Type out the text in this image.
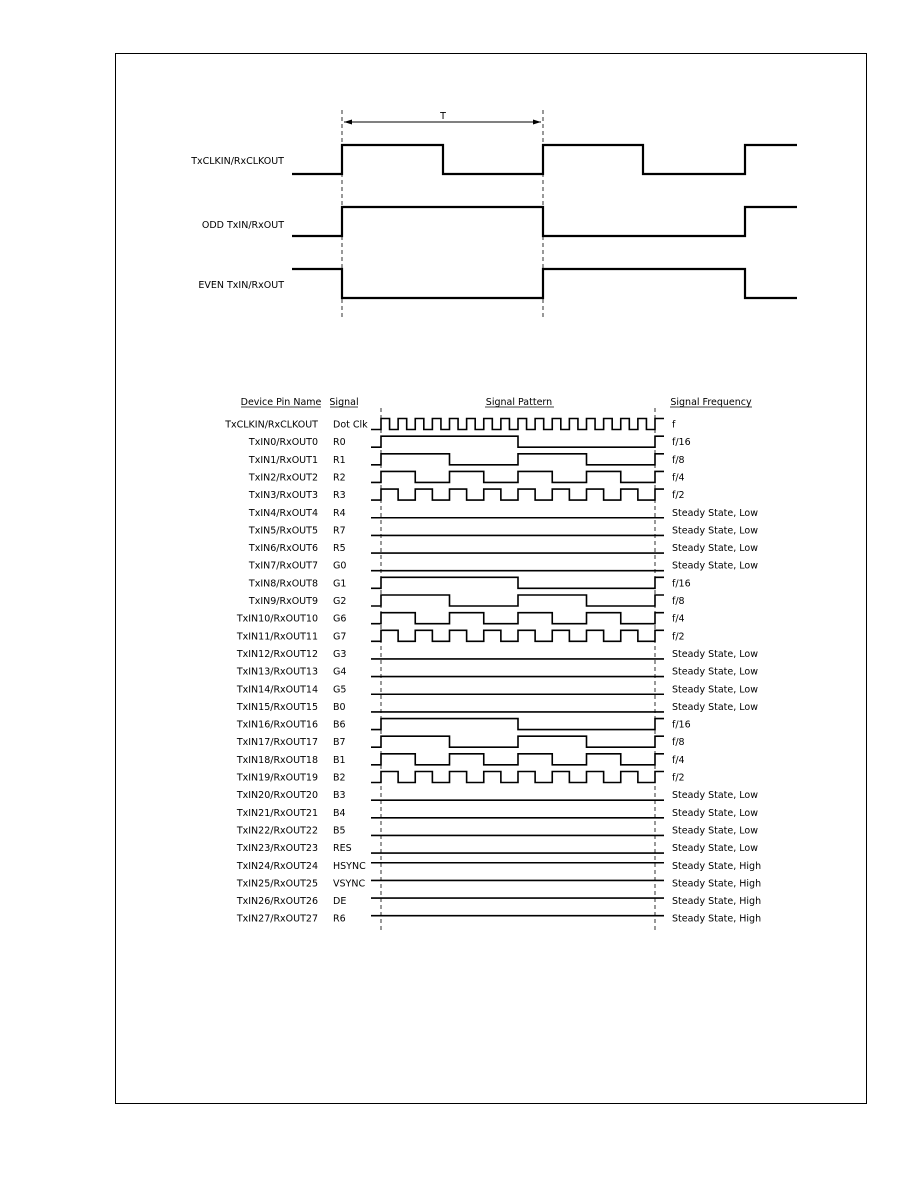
T
TxCLKIN/RxCLKOUT
ODD TxIN/RxOUT
EVEN TxIN/RxOUT
Device Pin Name Signal	Signal Pattern	Signal Frequency
TxCLKIN/RxCLKOUT Dot Clk	f
TxIN0/RxOUT0 R0	f/16
TxIN1/RxOUT1 R1	f/8
TxIN2/RxOUT2 R2	f/4
TxIN3/RxOUT3 R3	f/2
TxIN4/RxOUT4 R4	Steady State, Low
TxIN5/RxOUT5 R7	Steady State, Low
TxIN6/RxOUT6 R5	Steady State, Low
TxIN7/RxOUT7 G0	Steady State, Low
TxIN8/RxOUT8 G1	f/16
TxIN9/RxOUT9 G2	f/8
TxIN10/RxOUT10 G6	f/4
TxIN11/RxOUT11 G7	f/2
TxIN12/RxOUT12 G3	Steady State, Low
TxIN13/RxOUT13 G4	Steady State, Low
TxIN14/RxOUT14 G5	Steady State, Low
TxIN15/RxOUT15 B0	Steady State, Low
TxIN16/RxOUT16 B6	f/16
TxIN17/RxOUT17 B7	f/8
TxIN18/RxOUT18 B1	f/4
TxIN19/RxOUT19 B2	f/2
TxIN20/RxOUT20 B3	Steady State, Low
TxIN21/RxOUT21 B4	Steady State, Low
TxIN22/RxOUT22 B5	Steady State, Low
TxIN23/RxOUT23 RES	Steady State, Low
TxIN24/RxOUT24 HSYNC	Steady State, High
TxIN25/RxOUT25 VSYNC	Steady State, High
TxIN26/RxOUT26 DE	Steady State, High
TxIN27/RxOUT27 R6	Steady State, High
